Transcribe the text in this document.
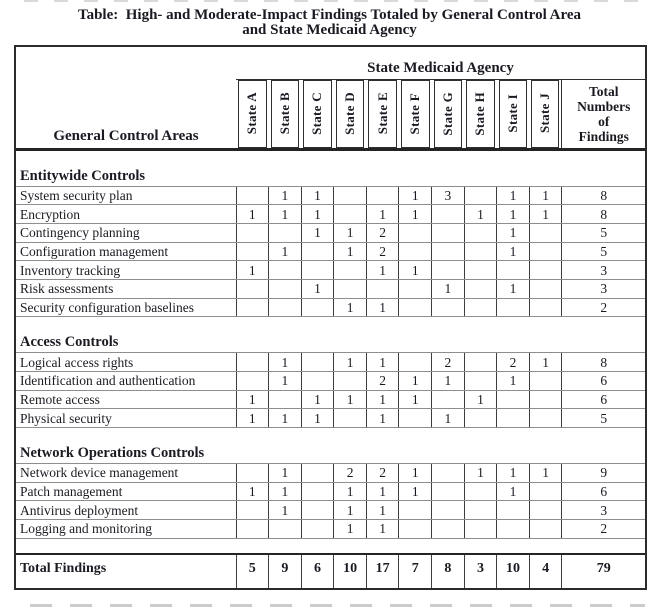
Table:  High- and Moderate-Impact Findings Totaled by General Control Area
and State Medicaid Agency
General Control Areas	State Medicaid Agency										

	State A	State B	State C	State D	State E	State F	State G	State H	State I	State J	Total
Numbers
of
Findings

Entitywide Controls											
System security plan		1	1			1	3		1	1	8
Encryption	1	1	1		1	1		1	1	1	8
Contingency planning			1	1	2				1		5
Configuration management		1		1	2				1		5
Inventory tracking	1				1	1					3
Risk assessments			1				1		1		3
Security configuration baselines				1	1						2
Access Controls											
Logical access rights		1		1	1		2		2	1	8
Identification and authentication		1			2	1	1		1		6
Remote access	1		1	1	1	1		1			6
Physical security	1	1	1		1		1				5
Network Operations Controls											
Network device management		1		2	2	1		1	1	1	9
Patch management	1	1		1	1	1			1		6
Antivirus deployment		1		1	1						3
Logging and monitoring				1	1						2

Total Findings	5	9	6	10	17	7	8	3	10	4	79
